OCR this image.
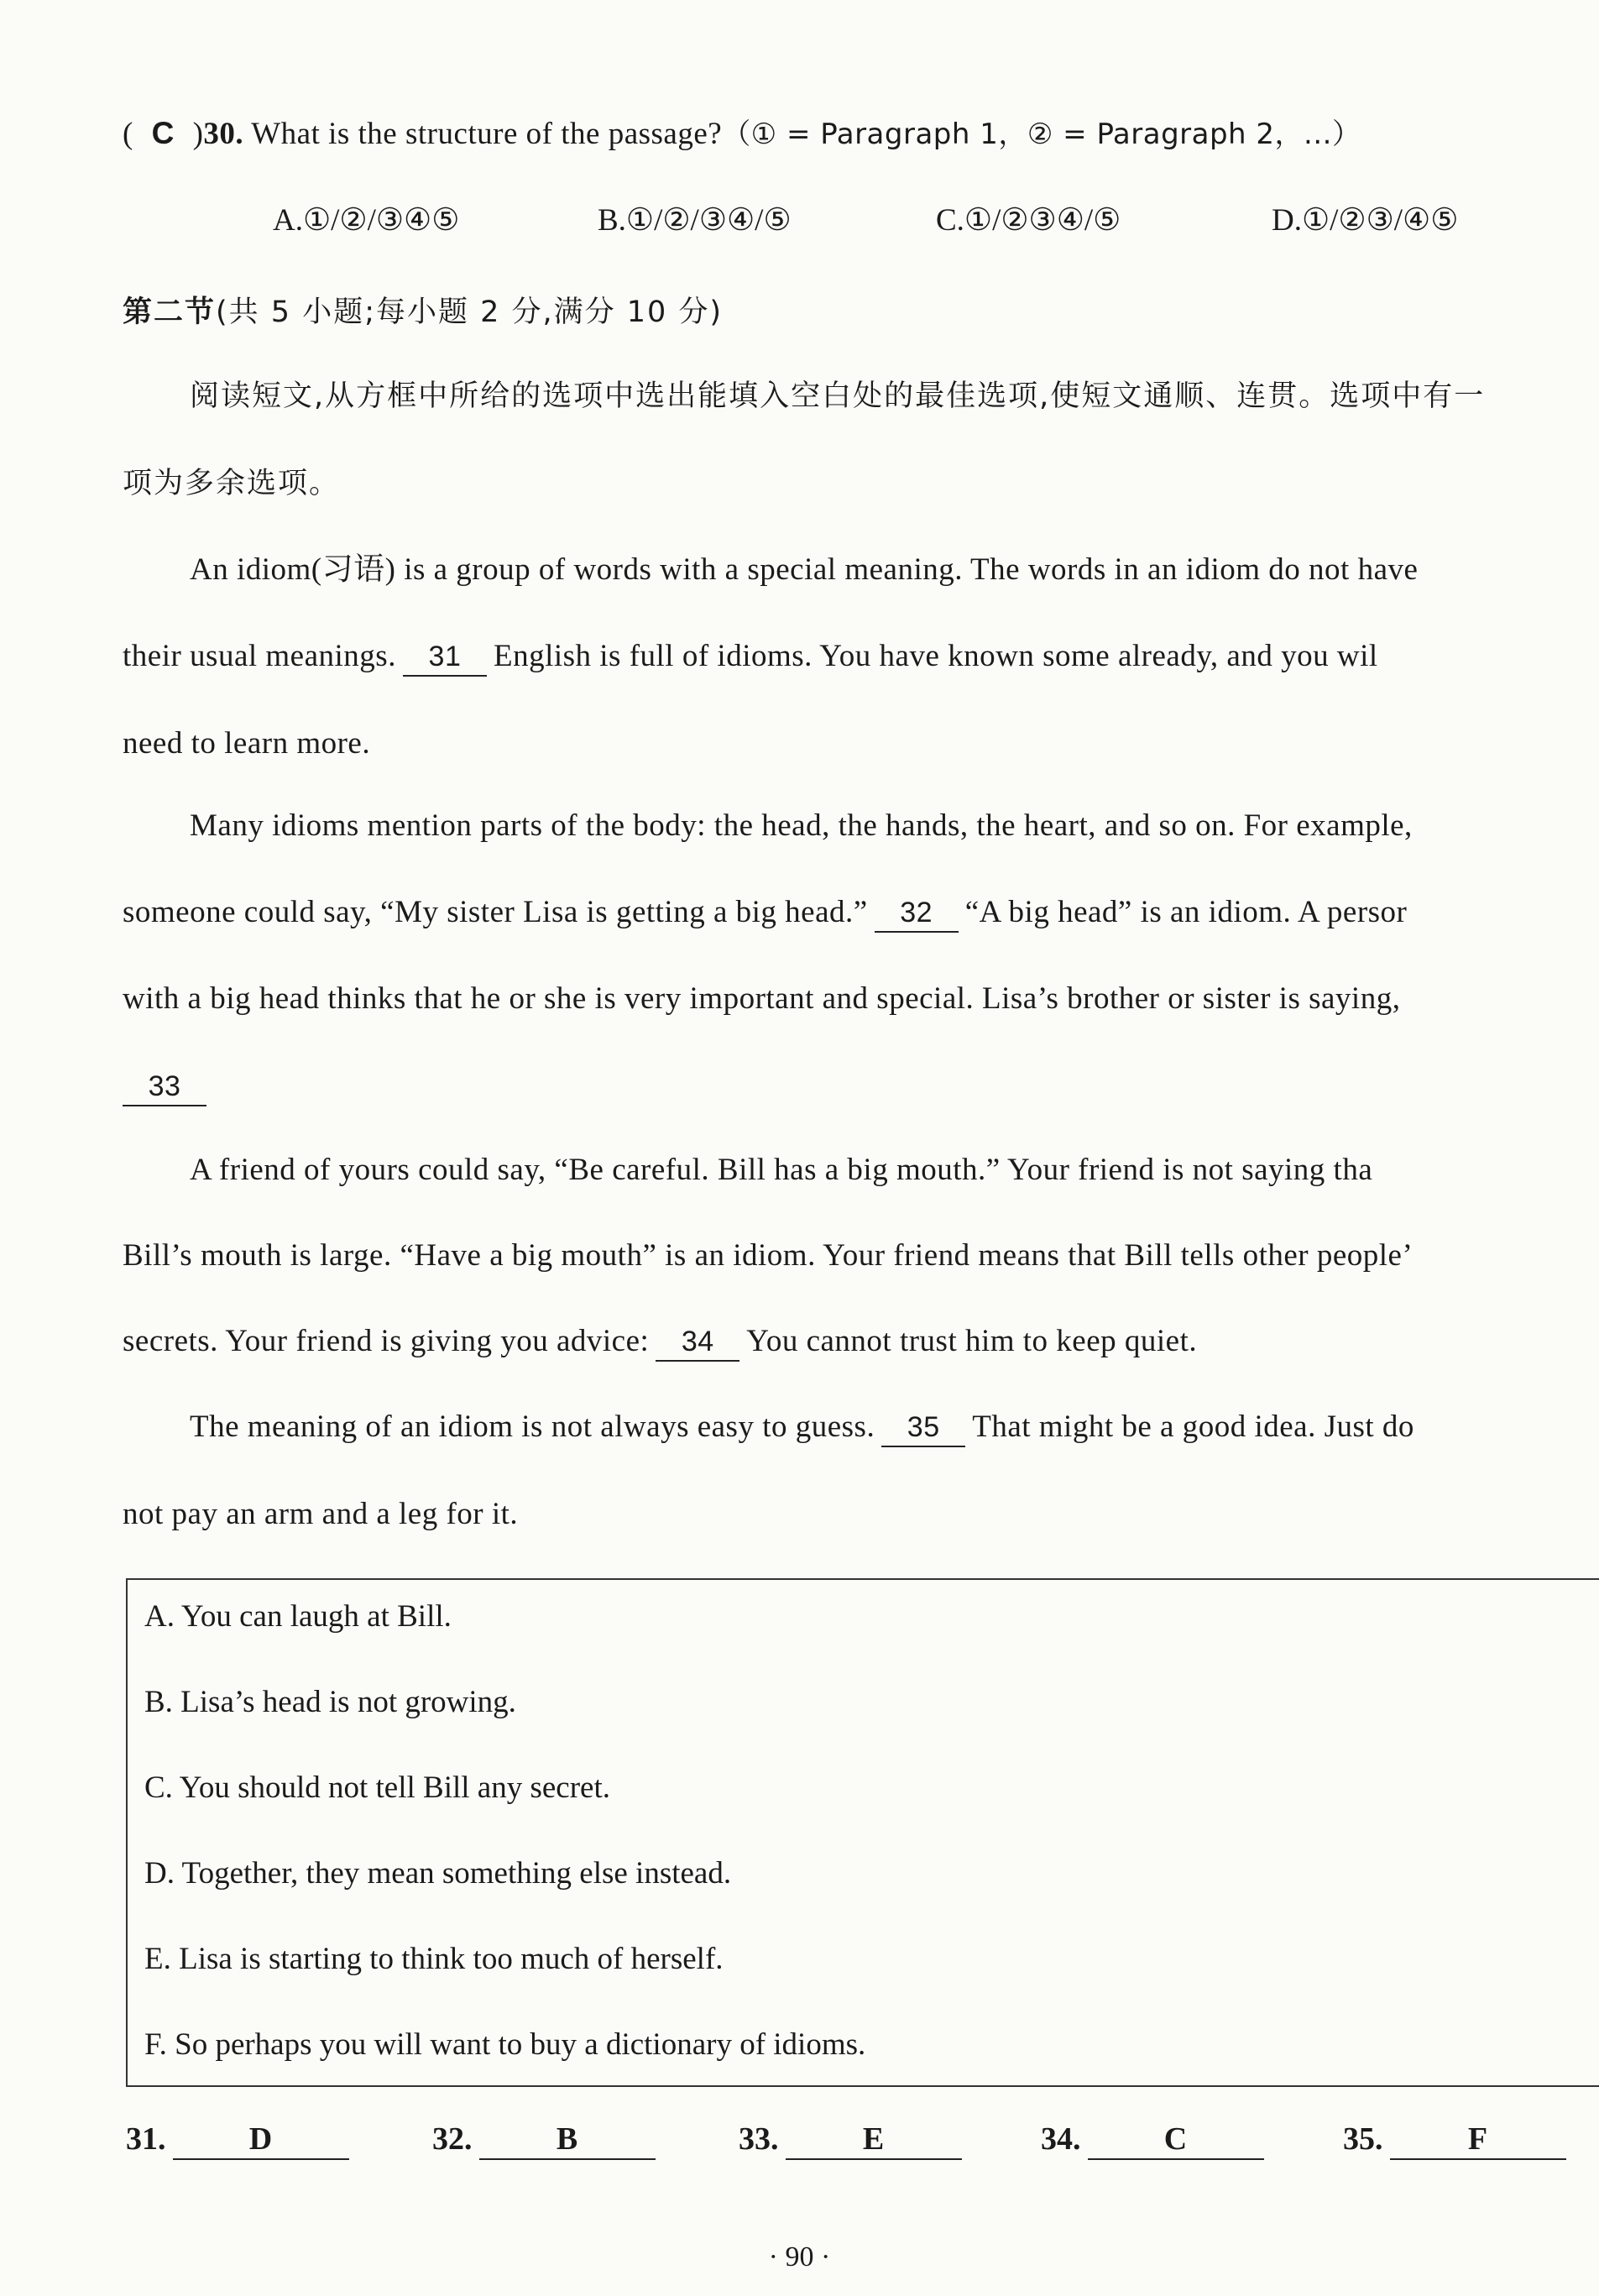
( C )30. What is the structure of the passage?（① = Paragraph 1，② = Paragraph 2，...）
A.①/②/③④⑤	B.①/②/③④/⑤	C.①/②③④/⑤	D.①/②③/④⑤
第二节(共 5 小题;每小题 2 分,满分 10 分)
阅读短文,从方框中所给的选项中选出能填入空白处的最佳选项,使短文通顺、连贯。选项中有一
项为多余选项。
An idiom(习语) is a group of words with a special meaning. The words in an idiom do not have
their usual meanings. 31 English is full of idioms. You have known some already, and you wil
need to learn more.
Many idioms mention parts of the body: the head, the hands, the heart, and so on. For example,
someone could say, “My sister Lisa is getting a big head.” 32 “A big head” is an idiom. A persor
with a big head thinks that he or she is very important and special. Lisa’s brother or sister is saying,
33
A friend of yours could say, “Be careful. Bill has a big mouth.” Your friend is not saying tha
Bill’s mouth is large. “Have a big mouth” is an idiom. Your friend means that Bill tells other people’
secrets. Your friend is giving you advice: 34 You cannot trust him to keep quiet.
The meaning of an idiom is not always easy to guess. 35 That might be a good idea. Just do
not pay an arm and a leg for it.
A. You can laugh at Bill.
B. Lisa’s head is not growing.
C. You should not tell Bill any secret.
D. Together, they mean something else instead.
E. Lisa is starting to think too much of herself.
F. So perhaps you will want to buy a dictionary of idioms.
31.	D	32.	B	33.	E	34.	C	35.	F
· 90 ·
